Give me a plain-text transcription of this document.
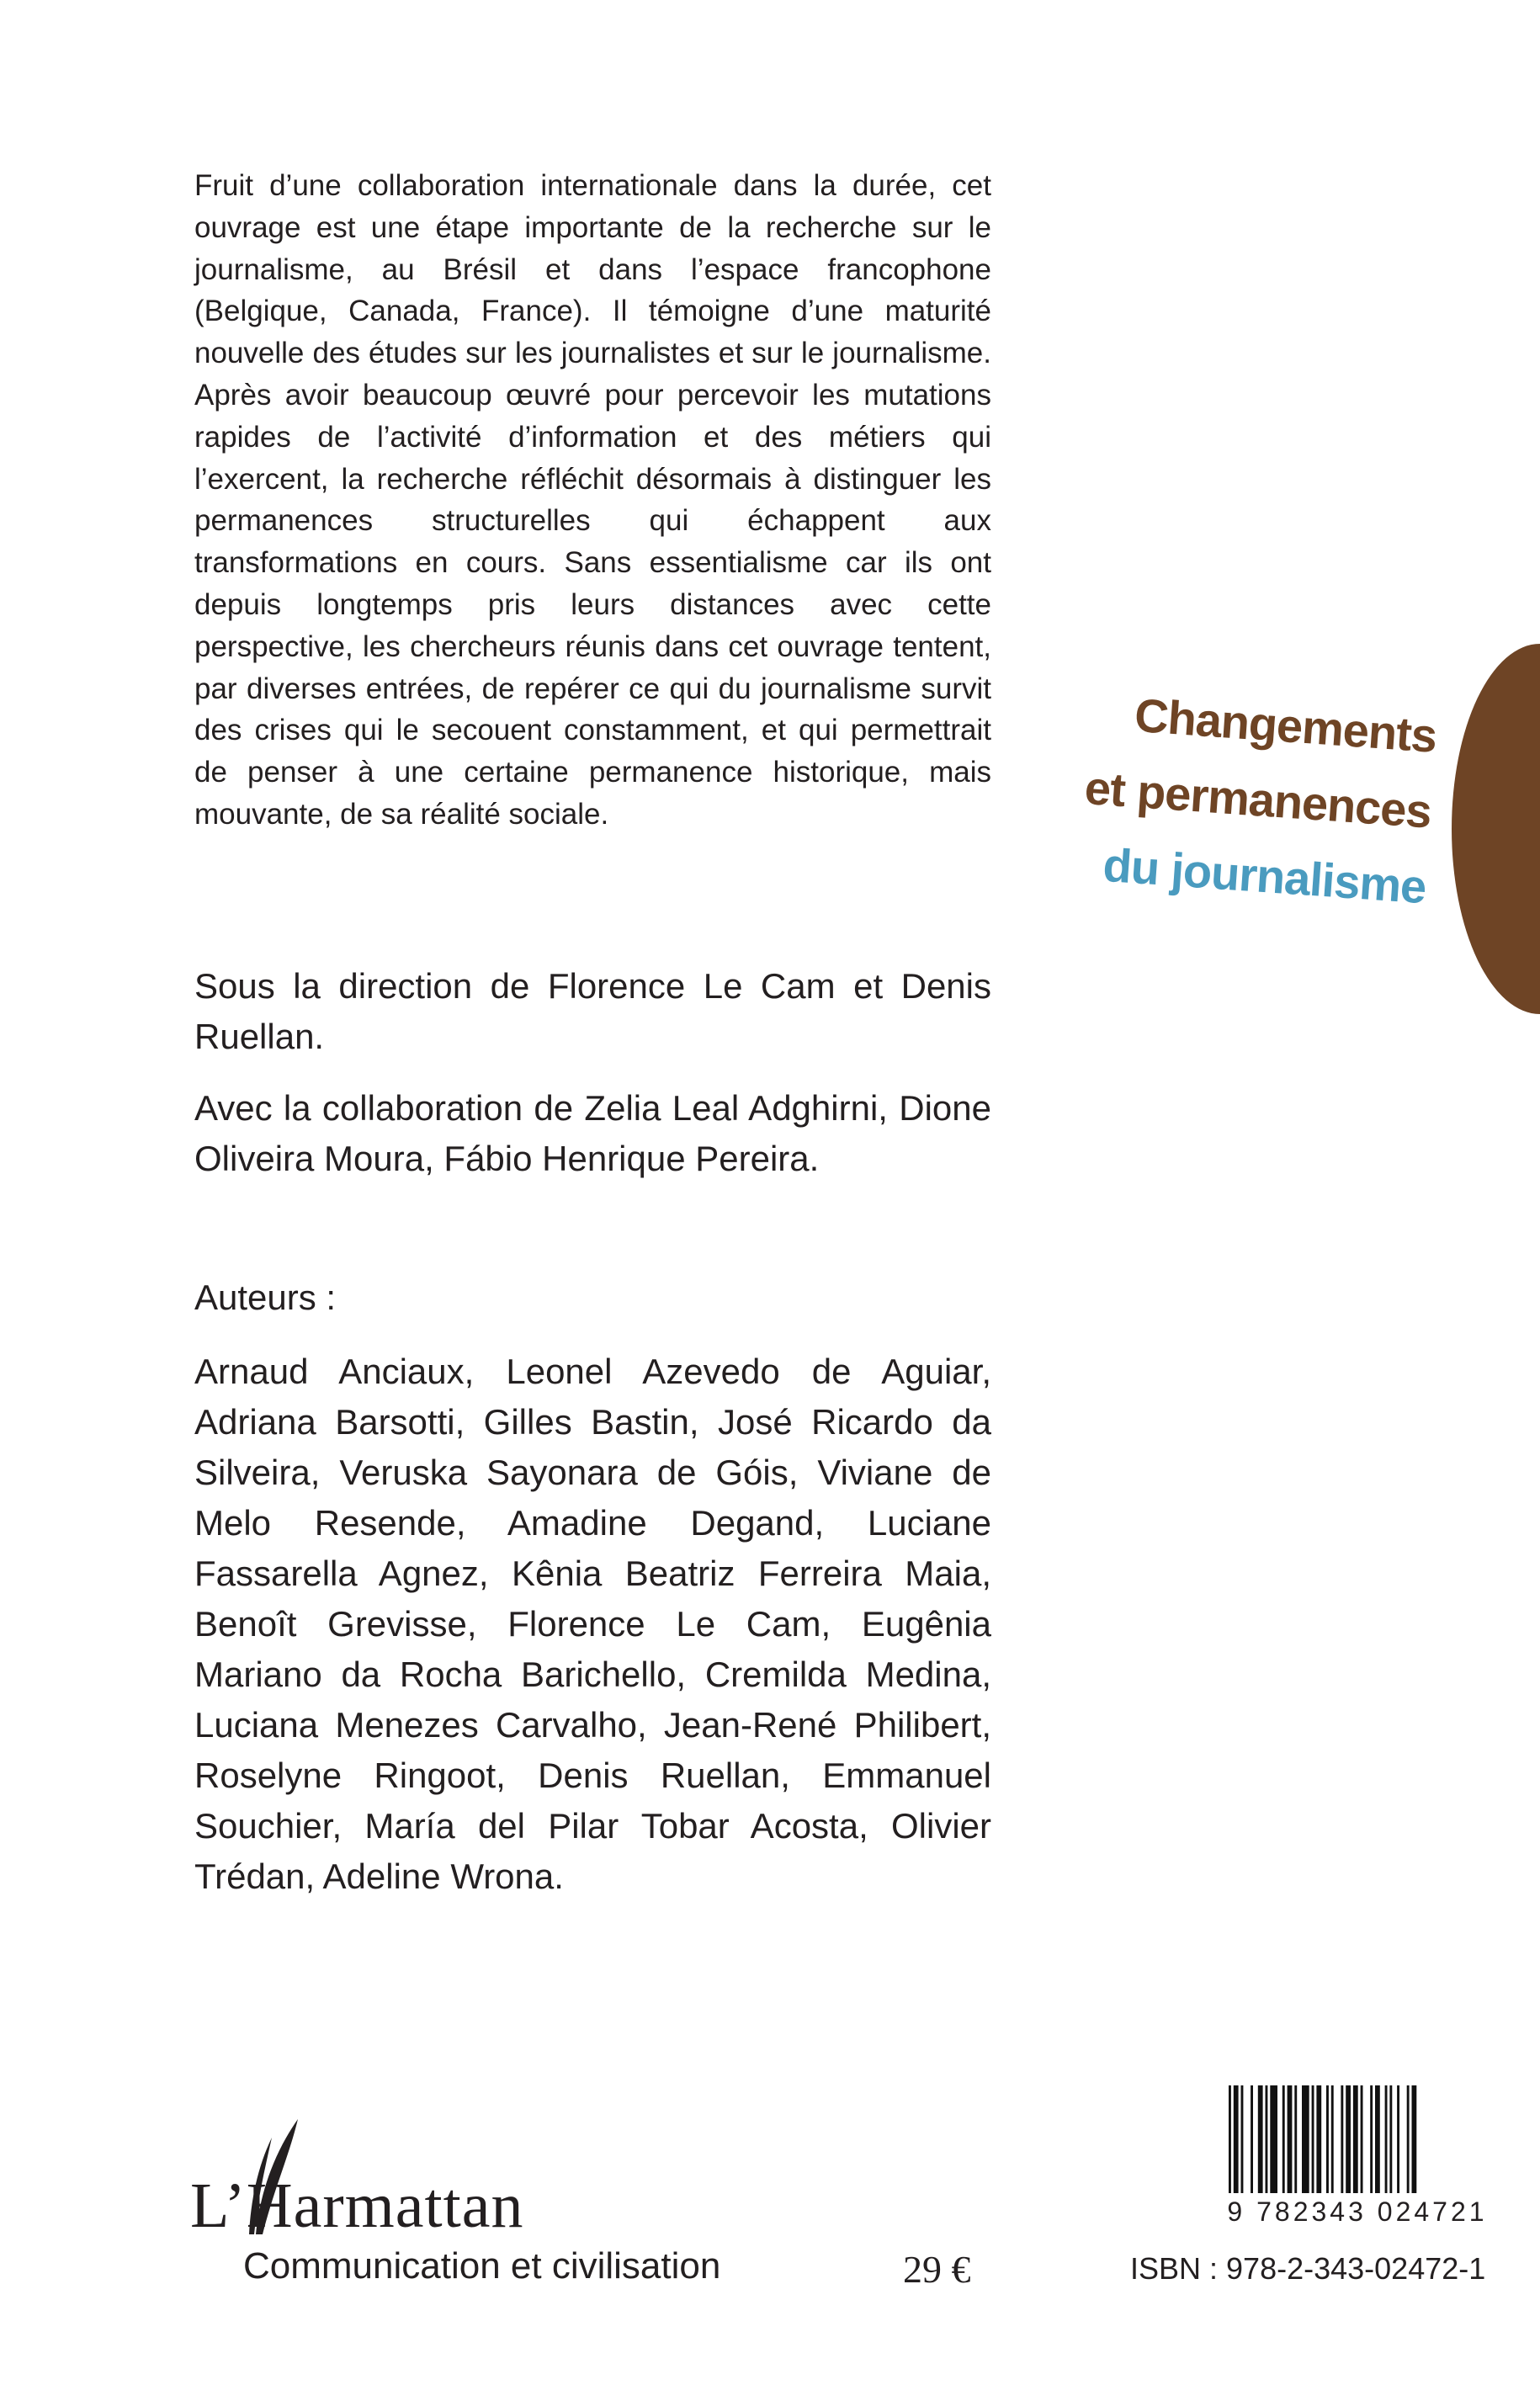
Fruit d’une collaboration internationale dans la durée, cet ouvrage est une étape importante de la recherche sur le journalisme, au Brésil et dans l’espace francophone (Belgique, Canada, France). Il témoigne d’une maturité nouvelle des études sur les journalistes et sur le journalisme. Après avoir beaucoup œuvré pour percevoir les mutations rapides de l’activité d’information et des métiers qui l’exercent, la recherche réfléchit désormais à distinguer les permanences structurelles qui échappent aux transformations en cours. Sans essentialisme car ils ont depuis longtemps pris leurs distances avec cette perspective, les chercheurs réunis dans cet ouvrage tentent, par diverses entrées, de repérer ce qui du journalisme survit des crises qui le secouent constamment, et qui permettrait de penser à une certaine permanence historique, mais mouvante, de sa réalité sociale.

Sous la direction de Florence Le Cam et Denis Ruellan.

Avec la collaboration de Zelia Leal Adghirni, Dione Oliveira Moura, Fábio Henrique Pereira.

Auteurs :
Arnaud Anciaux, Leonel Azevedo de Aguiar, Adriana Barsotti, Gilles Bastin, José Ricardo da Silveira, Veruska Sayonara de Góis, Viviane de Melo Resende, Amadine Degand, Luciane Fassarella Agnez, Kênia Beatriz Ferreira Maia, Benoît Grevisse, Florence Le Cam, Eugênia Mariano da Rocha Barichello, Cremilda Medina, Luciana Menezes Carvalho, Jean-René Philibert, Roselyne Ringoot, Denis Ruellan, Emmanuel Souchier, María del Pilar Tobar Acosta, Olivier Trédan, Adeline Wrona.
Changements
et permanences
du journalisme
L’Harmattan
Communication et civilisation	29 €
9 782343 024721
ISBN : 978-2-343-02472-1
